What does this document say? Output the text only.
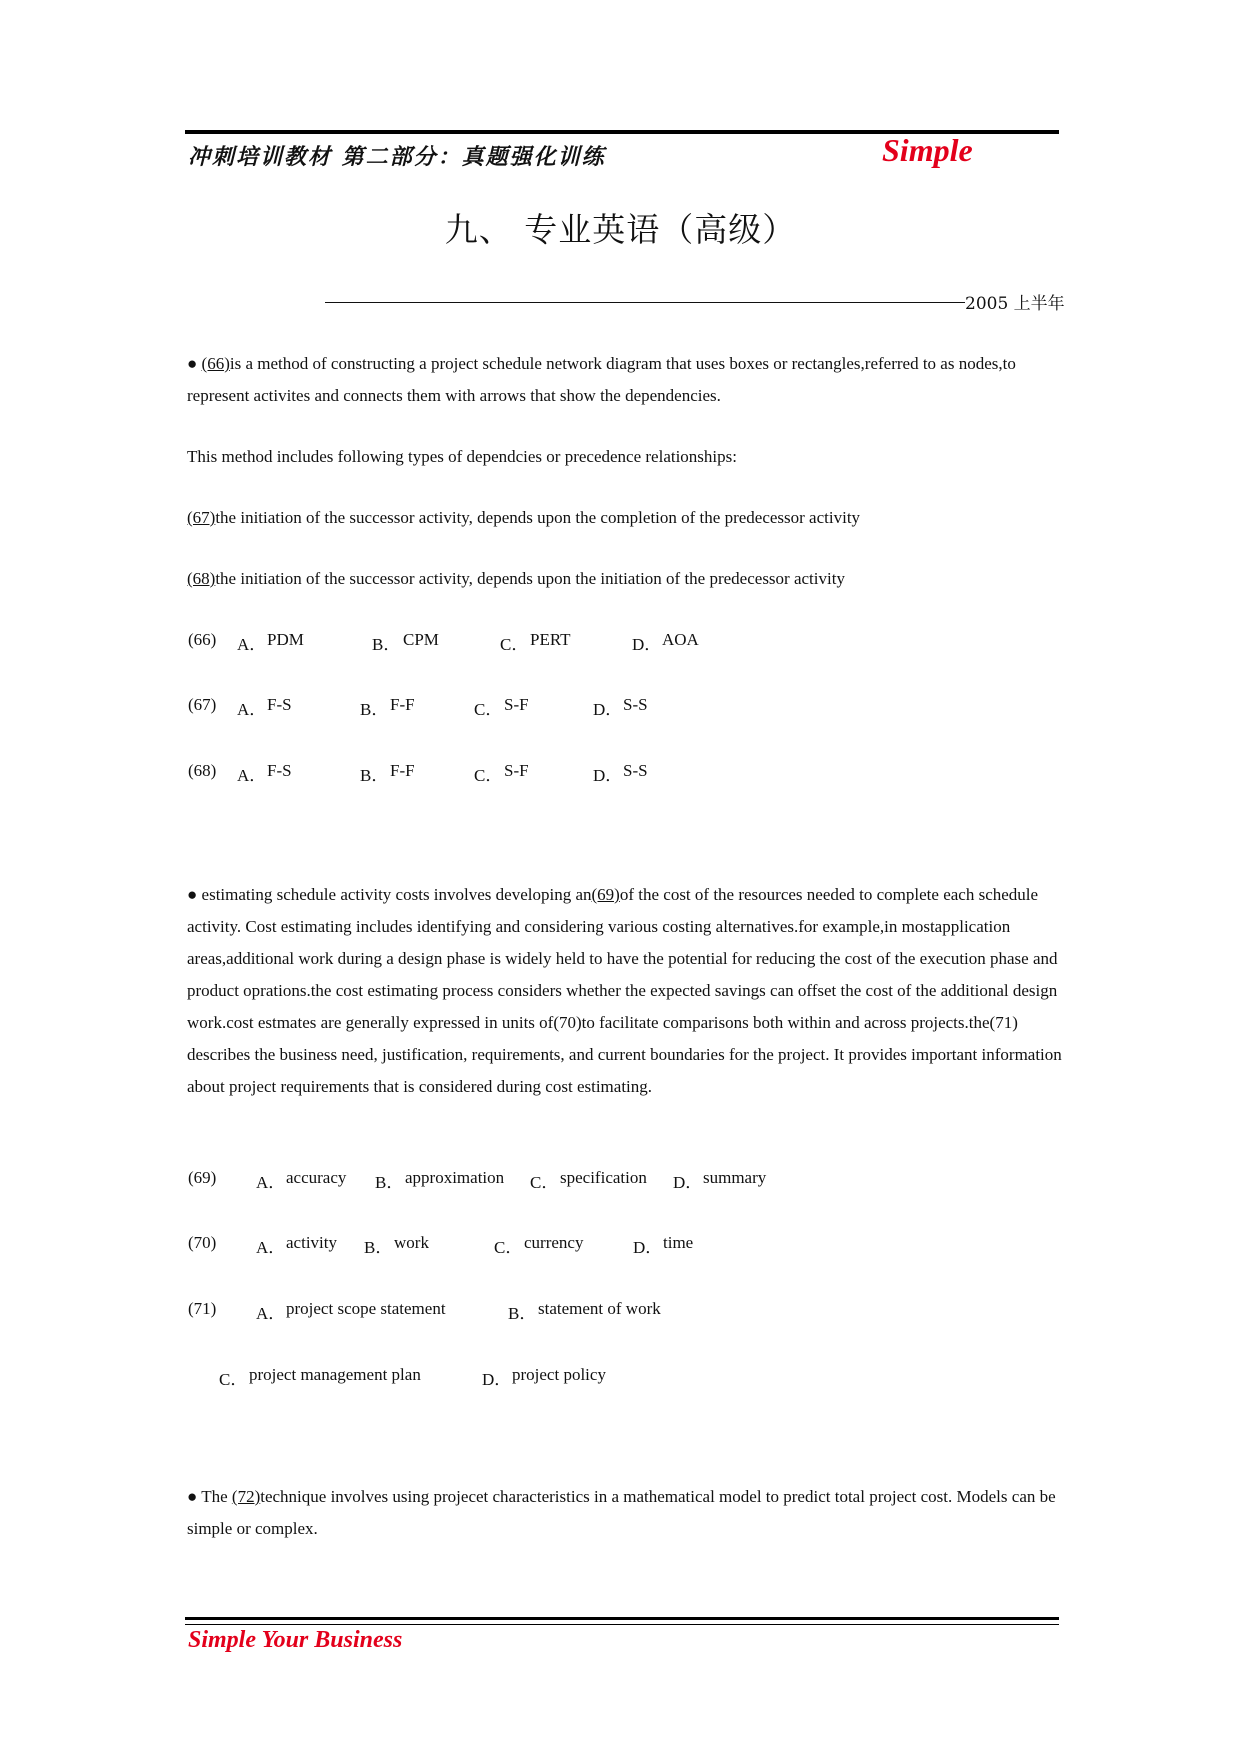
冲刺培训教材 第二部分：真题强化训练	Simple
九、 专业英语（高级）
2005 上半年

● (66)is a method of constructing a project schedule network diagram that uses boxes or rectangles,referred to as nodes,to represent activites and connects them with arrows that show the dependencies.

This method includes following types of dependcies or precedence relationships:

(67)the initiation of the successor activity, depends upon the completion of the predecessor activity

(68)the initiation of the successor activity, depends upon the initiation of the predecessor activity

(66) A． PDM	B． CPM	C． PERT	D． AOA
(67) A． F-S	B． F-F	C． S-F	D． S-S
(68) A． F-S	B． F-F	C． S-F	D． S-S

● estimating schedule activity costs involves developing an(69)of the cost of the resources needed to complete each schedule activity. Cost estimating includes identifying and considering various costing alternatives.for example,in mostapplication areas,additional work during a design phase is widely held to have the potential for reducing the cost of the execution phase and product oprations.the cost estimating process considers whether the expected savings can offset the cost of the additional design work.cost estmates are generally expressed in units of(70)to facilitate comparisons both within and across projects.the(71) describes the business need, justification, requirements, and current boundaries for the project. It provides important information about project requirements that is considered during cost estimating.

(69) A． accuracy B． approximation C． specification D． summary
(70) A． activity B． work	C． currency	D． time
(71) A． project scope statement	B． statement of work
C． project management plan	D． project policy

● The (72)technique involves using projecet characteristics in a mathematical model to predict total project cost. Models can be simple or complex.

Simple Your Business
